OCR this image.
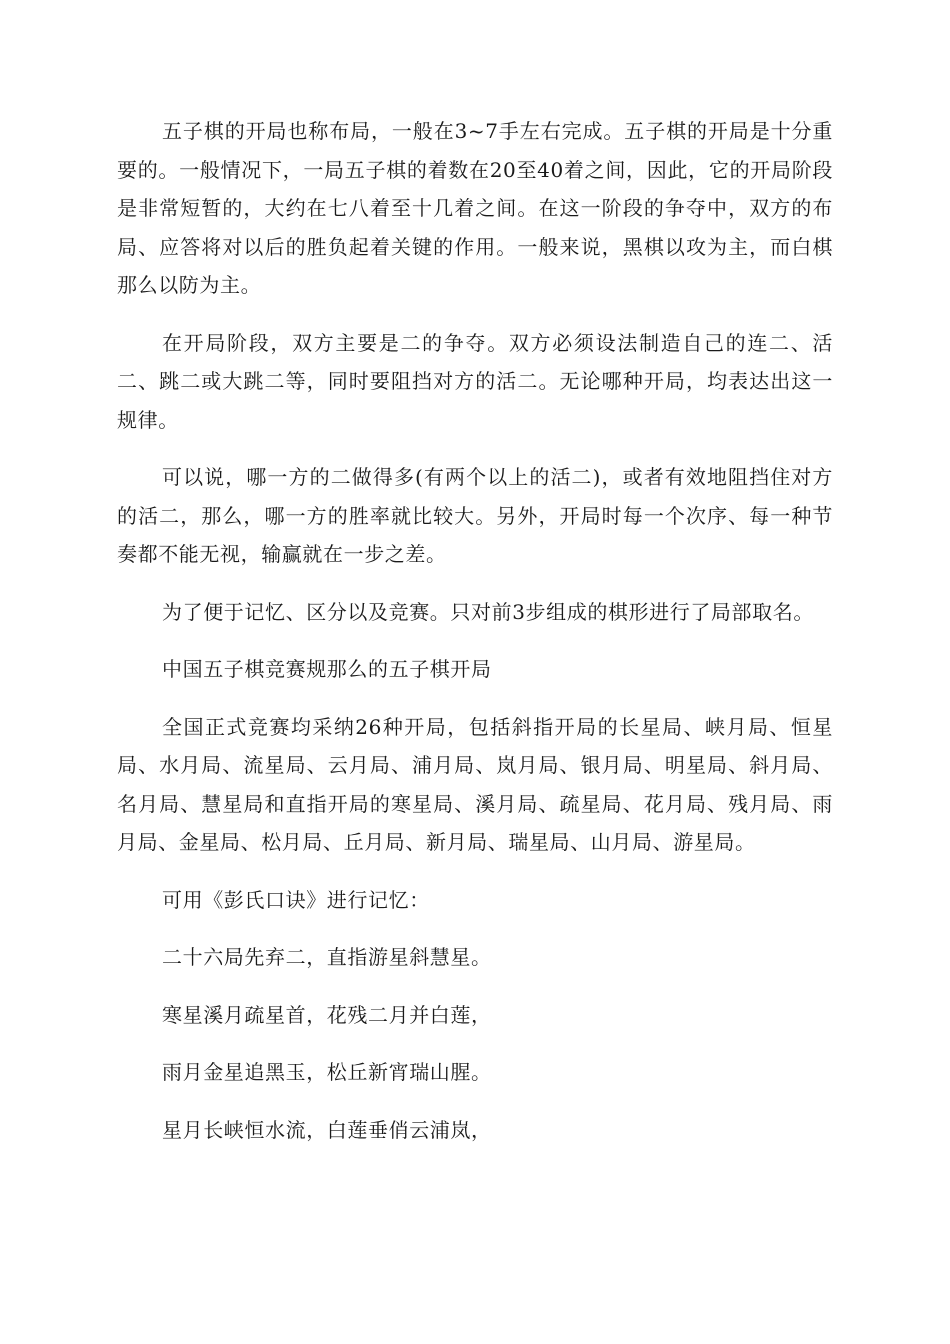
五子棋的开局也称布局，一般在3~7手左右完成。五子棋的开局是十分重要的。一般情况下，一局五子棋的着数在20至40着之间，因此，它的开局阶段是非常短暂的，大约在七八着至十几着之间。在这一阶段的争夺中，双方的布局、应答将对以后的胜负起着关键的作用。一般来说，黑棋以攻为主，而白棋那么以防为主。

在开局阶段，双方主要是二的争夺。双方必须设法制造自己的连二、活二、跳二或大跳二等，同时要阻挡对方的活二。无论哪种开局，均表达出这一规律。

可以说，哪一方的二做得多(有两个以上的活二)，或者有效地阻挡住对方的活二，那么，哪一方的胜率就比较大。另外，开局时每一个次序、每一种节奏都不能无视，输赢就在一步之差。

为了便于记忆、区分以及竞赛。只对前3步组成的棋形进行了局部取名。

中国五子棋竞赛规那么的五子棋开局

全国正式竞赛均采纳26种开局，包括斜指开局的长星局、峡月局、恒星局、水月局、流星局、云月局、浦月局、岚月局、银月局、明星局、斜月局、名月局、慧星局和直指开局的寒星局、溪月局、疏星局、花月局、残月局、雨月局、金星局、松月局、丘月局、新月局、瑞星局、山月局、游星局。

可用《彭氏口诀》进行记忆：

二十六局先弃二，直指游星斜慧星。

寒星溪月疏星首，花残二月并白莲，

雨月金星追黑玉，松丘新宵瑞山腥。

星月长峡恒水流，白莲垂俏云浦岚，
